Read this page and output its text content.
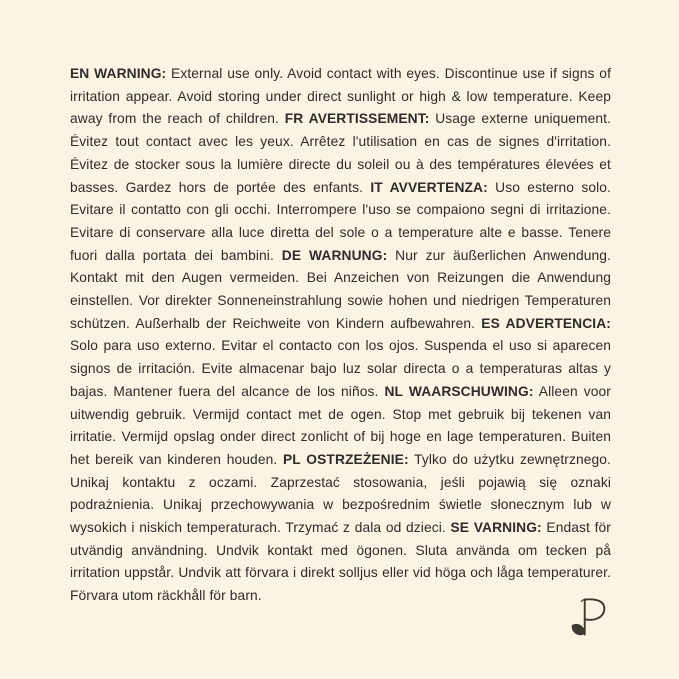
EN WARNING: External use only. Avoid contact with eyes. Discontinue use if signs of irritation appear. Avoid storing under direct sunlight or high & low temperature. Keep away from the reach of children. FR AVERTISSEMENT: Usage externe uniquement. Évitez tout contact avec les yeux. Arrêtez l'utilisation en cas de signes d'irritation. Évitez de stocker sous la lumière directe du soleil ou à des températures élevées et basses. Gardez hors de portée des enfants. IT AVVERTENZA: Uso esterno solo. Evitare il contatto con gli occhi. Interrompere l'uso se compaiono segni di irritazione. Evitare di conservare alla luce diretta del sole o a temperature alte e basse. Tenere fuori dalla portata dei bambini. DE WARNUNG: Nur zur äußerlichen Anwendung. Kontakt mit den Augen vermeiden. Bei Anzeichen von Reizungen die Anwendung einstellen. Vor direkter Sonneneinstrahlung sowie hohen und niedrigen Temperaturen schützen. Außerhalb der Reichweite von Kindern aufbewahren. ES ADVERTENCIA: Solo para uso externo. Evitar el contacto con los ojos. Suspenda el uso si aparecen signos de irritación. Evite almacenar bajo luz solar directa o a temperaturas altas y bajas. Mantener fuera del alcance de los niños. NL WAARSCHUWING: Alleen voor uitwendig gebruik. Vermijd contact met de ogen. Stop met gebruik bij tekenen van irritatie. Vermijd opslag onder direct zonlicht of bij hoge en lage temperaturen. Buiten het bereik van kinderen houden. PL OSTRZEŻENIE: Tylko do użytku zewnętrznego. Unikaj kontaktu z oczami. Zaprzestać stosowania, jeśli pojawią się oznaki podrażnienia. Unikaj przechowywania w bezpośrednim świetle słonecznym lub w wysokich i niskich temperaturach. Trzymać z dala od dzieci. SE VARNING: Endast för utvändig användning. Undvik kontakt med ögonen. Sluta använda om tecken på irritation uppstår. Undvik att förvara i direkt solljus eller vid höga och låga temperaturer. Förvara utom räckhåll för barn.
